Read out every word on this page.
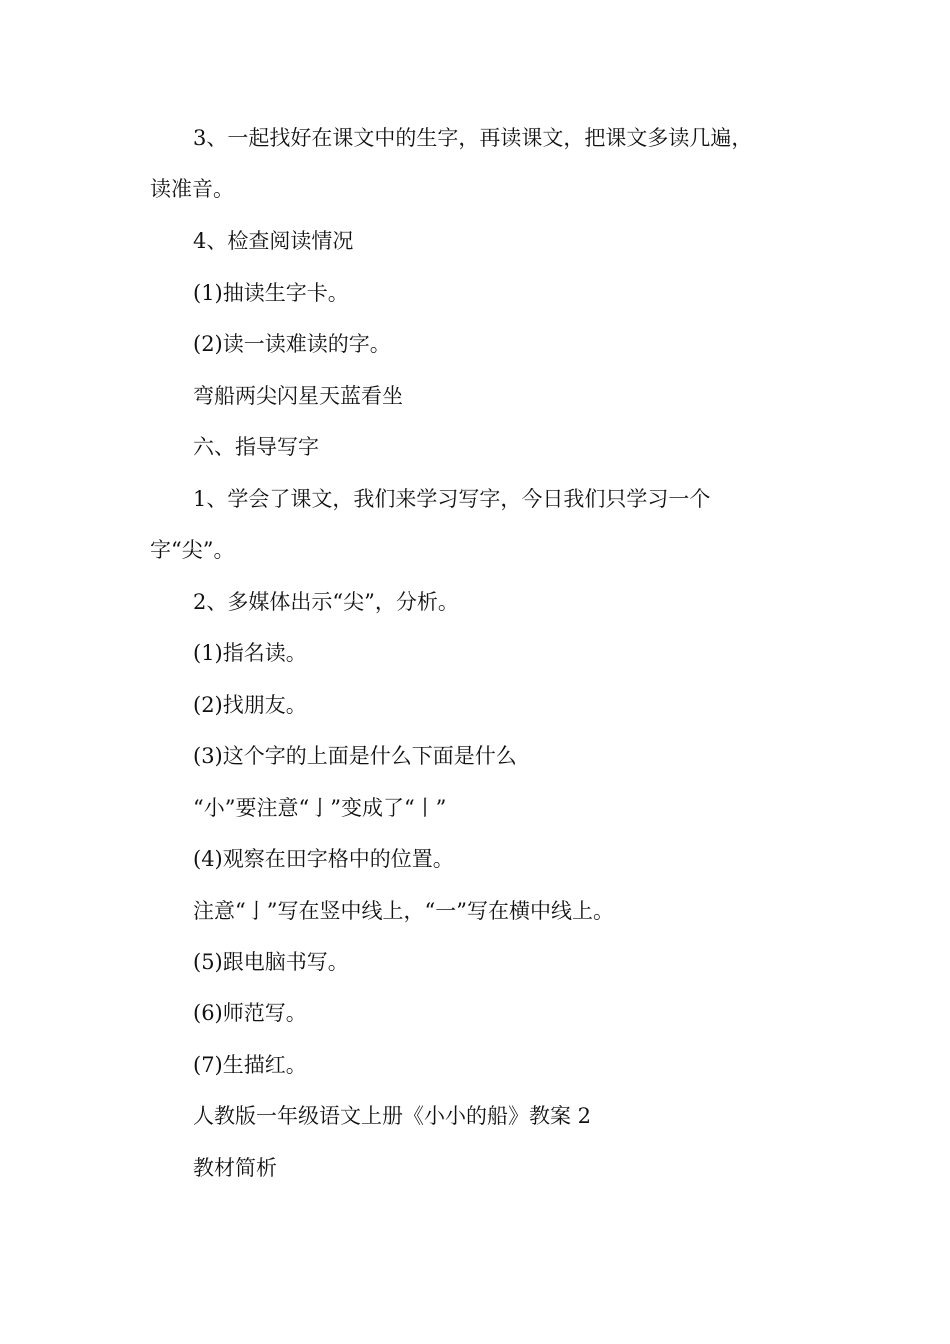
3、一起找好在课文中的生字，再读课文，把课文多读几遍，
读准音。
4、检查阅读情况
(1)抽读生字卡。
(2)读一读难读的字。
弯船两尖闪星天蓝看坐
六、指导写字
1、学会了课文，我们来学习写字，今日我们只学习一个
字“尖”。
2、多媒体出示“尖”，分析。
(1)指名读。
(2)找朋友。
(3)这个字的上面是什么下面是什么
“小”要注意“亅”变成了“丨”
(4)观察在田字格中的位置。
注意“亅”写在竖中线上，“一”写在横中线上。
(5)跟电脑书写。
(6)师范写。
(7)生描红。
人教版一年级语文上册《小小的船》教案 2
教材简析
